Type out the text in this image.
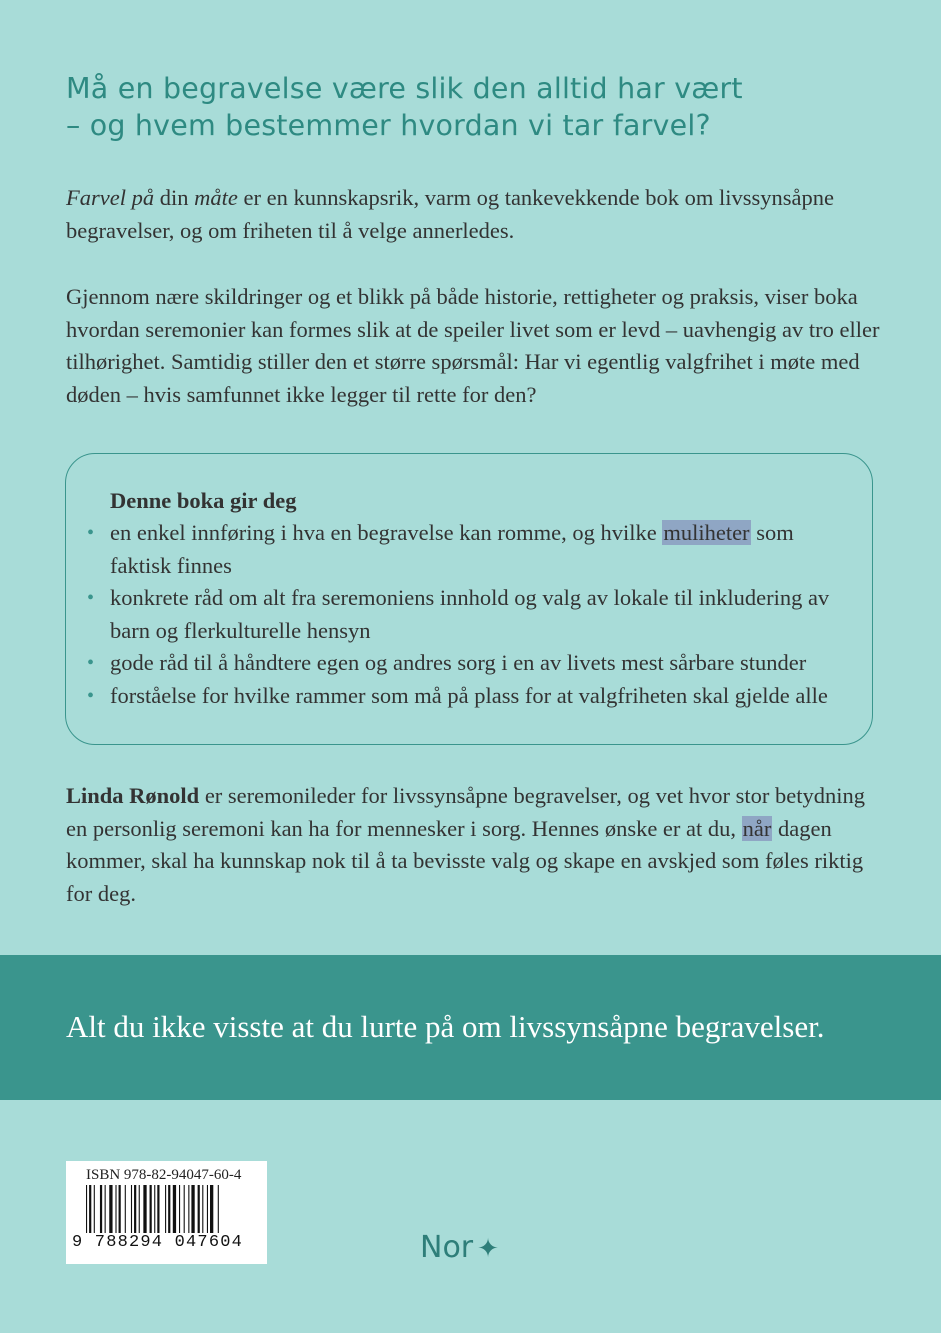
Må en begravelse være slik den alltid har vært
– og hvem bestemmer hvordan vi tar farvel?

Farvel på din måte er en kunnskapsrik, varm og tankevekkende bok om livssynsåpne begravelser, og om friheten til å velge annerledes.

Gjennom nære skildringer og et blikk på både historie, rettigheter og praksis, viser boka hvordan seremonier kan formes slik at de speiler livet som er levd – uavhengig av tro eller tilhørighet. Samtidig stiller den et større spørsmål: Har vi egentlig valgfrihet i møte med døden – hvis samfunnet ikke legger til rette for den?

Denne boka gir deg

• en enkel innføring i hva en begravelse kan romme, og hvilke muliheter som faktisk finnes
• konkrete råd om alt fra seremoniens innhold og valg av lokale til inkludering av barn og flerkulturelle hensyn
• gode råd til å håndtere egen og andres sorg i en av livets mest sårbare stunder
• forståelse for hvilke rammer som må på plass for at valgfriheten skal gjelde alle

Linda Rønold er seremonileder for livssynsåpne begravelser, og vet hvor stor betydning en personlig seremoni kan ha for mennesker i sorg. Hennes ønske er at du, når dagen kommer, skal ha kunnskap nok til å ta bevisste valg og skape en avskjed som føles riktig for deg.

Alt du ikke visste at du lurte på om livssynsåpne begravelser.

ISBN 978-82-94047-60-4
9 788294 047604	Nor ✦
